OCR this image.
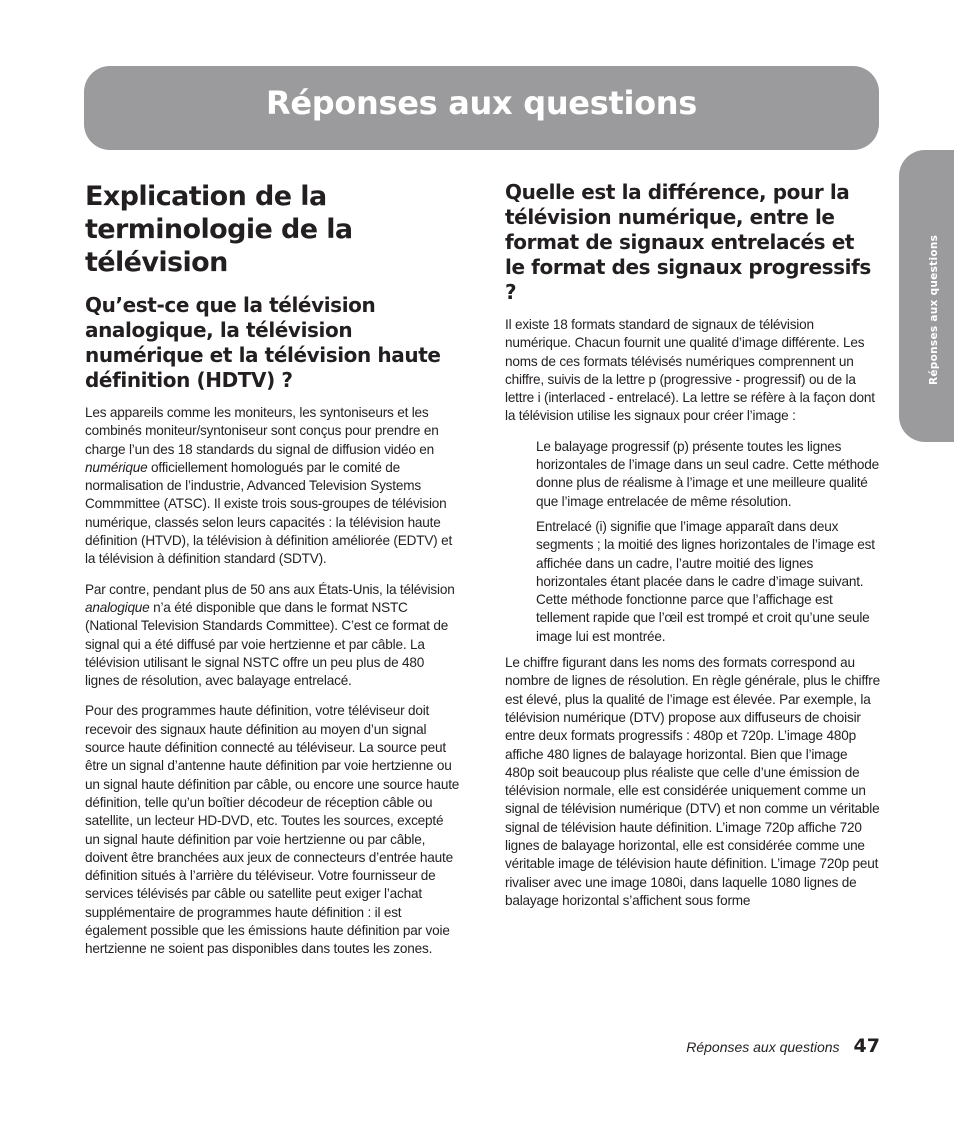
Réponses aux questions
Réponses aux questions
Explication de la terminologie de la télévision
Qu’est-ce que la télévision analogique, la télévision numérique et la télévision haute définition (HDTV) ?

Les appareils comme les moniteurs, les syntoniseurs et les combinés moniteur/syntoniseur sont conçus pour prendre en charge l’un des 18 standards du signal de diffusion vidéo en numérique officiellement homologués par le comité de normalisation de l’industrie, Advanced Television Systems Commmittee (ATSC). Il existe trois sous-groupes de télévision numérique, classés selon leurs capacités : la télévision haute définition (HTVD), la télévision à définition améliorée (EDTV) et la télévision à définition standard (SDTV).

Par contre, pendant plus de 50 ans aux États-Unis, la télévision analogique n’a été disponible que dans le format NSTC (National Television Standards Committee). C’est ce format de signal qui a été diffusé par voie hertzienne et par câble. La télévision utilisant le signal NSTC offre un peu plus de 480 lignes de résolution, avec balayage entrelacé.

Pour des programmes haute définition, votre téléviseur doit recevoir des signaux haute définition au moyen d’un signal source haute définition connecté au téléviseur. La source peut être un signal d’antenne haute définition par voie hertzienne ou un signal haute définition par câble, ou encore une source haute définition, telle qu’un boîtier décodeur de réception câble ou satellite, un lecteur HD-DVD, etc. Toutes les sources, excepté un signal haute définition par voie hertzienne ou par câble, doivent être branchées aux jeux de connecteurs d’entrée haute définition situés à l’arrière du téléviseur. Votre fournisseur de services télévisés par câble ou satellite peut exiger l’achat supplémentaire de programmes haute définition : il est également possible que les émissions haute définition par voie hertzienne ne soient pas disponibles dans toutes les zones.

Quelle est la différence, pour la télévision numérique, entre le format de signaux entrelacés et le format des signaux progressifs ?

Il existe 18 formats standard de signaux de télévision numérique. Chacun fournit une qualité d’image différente. Les noms de ces formats télévisés numériques comprennent un chiffre, suivis de la lettre p (progressive - progressif) ou de la lettre i (interlaced - entrelacé). La lettre se réfère à la façon dont la télévision utilise les signaux pour créer l’image :

Le balayage progressif (p) présente toutes les lignes horizontales de l’image dans un seul cadre. Cette méthode donne plus de réalisme à l’image et une meilleure qualité que l’image entrelacée de même résolution.

Entrelacé (i) signifie que l’image apparaît dans deux segments ; la moitié des lignes horizontales de l’image est affichée dans un cadre, l’autre moitié des lignes horizontales étant placée dans le cadre d’image suivant. Cette méthode fonctionne parce que l’affichage est tellement rapide que l’œil est trompé et croit qu’une seule image lui est montrée.

Le chiffre figurant dans les noms des formats correspond au nombre de lignes de résolution. En règle générale, plus le chiffre est élevé, plus la qualité de l’image est élevée. Par exemple, la télévision numérique (DTV) propose aux diffuseurs de choisir entre deux formats progressifs : 480p et 720p. L’image 480p affiche 480 lignes de balayage horizontal. Bien que l’image 480p soit beaucoup plus réaliste que celle d’une émission de télévision normale, elle est considérée uniquement comme un signal de télévision numérique (DTV) et non comme un véritable signal de télévision haute définition. L’image 720p affiche 720 lignes de balayage horizontal, elle est considérée comme une véritable image de télévision haute définition. L’image 720p peut rivaliser avec une image 1080i, dans laquelle 1080 lignes de balayage horizontal s’affichent sous forme

Réponses aux questions 47
